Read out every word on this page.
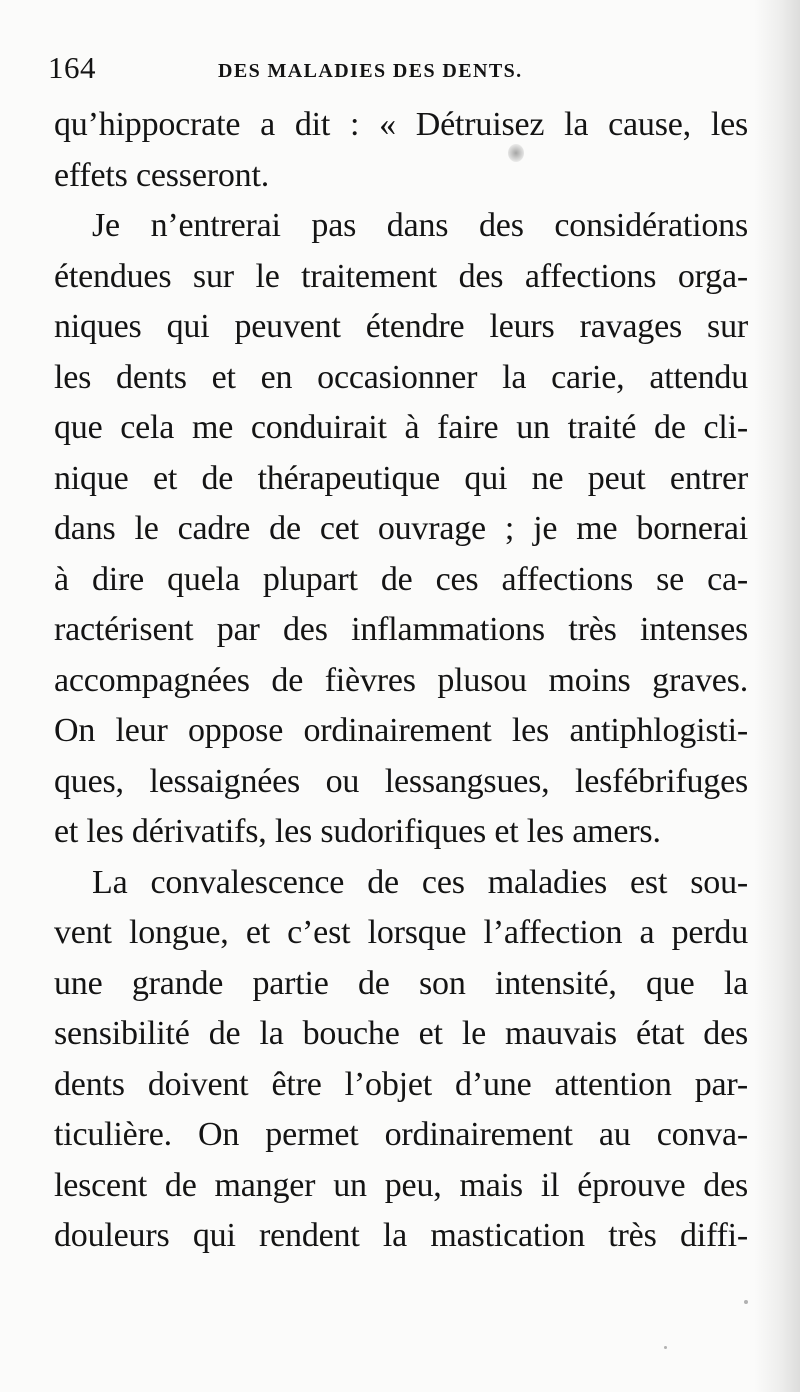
164	DES MALADIES DES DENTS.
qu’hippocrate a dit : « Détruisez la cause, les
effets cesseront.
Je n’entrerai pas dans des considérations
étendues sur le traitement des affections orga-
niques qui peuvent étendre leurs ravages sur
les dents et en occasionner la carie, attendu
que cela me conduirait à faire un traité de cli-
nique et de thérapeutique qui ne peut entrer
dans le cadre de cet ouvrage ; je me bornerai
à dire quela plupart de ces affections se ca-
ractérisent par des inflammations très intenses
accompagnées de fièvres plusou moins graves.
On leur oppose ordinairement les antiphlogisti-
ques, lessaignées ou lessangsues, lesfébrifuges
et les dérivatifs, les sudorifiques et les amers.
La convalescence de ces maladies est sou-
vent longue, et c’est lorsque l’affection a perdu
une grande partie de son intensité, que la
sensibilité de la bouche et le mauvais état des
dents doivent être l’objet d’une attention par-
ticulière. On permet ordinairement au conva-
lescent de manger un peu, mais il éprouve des
douleurs qui rendent la mastication très diffi-
